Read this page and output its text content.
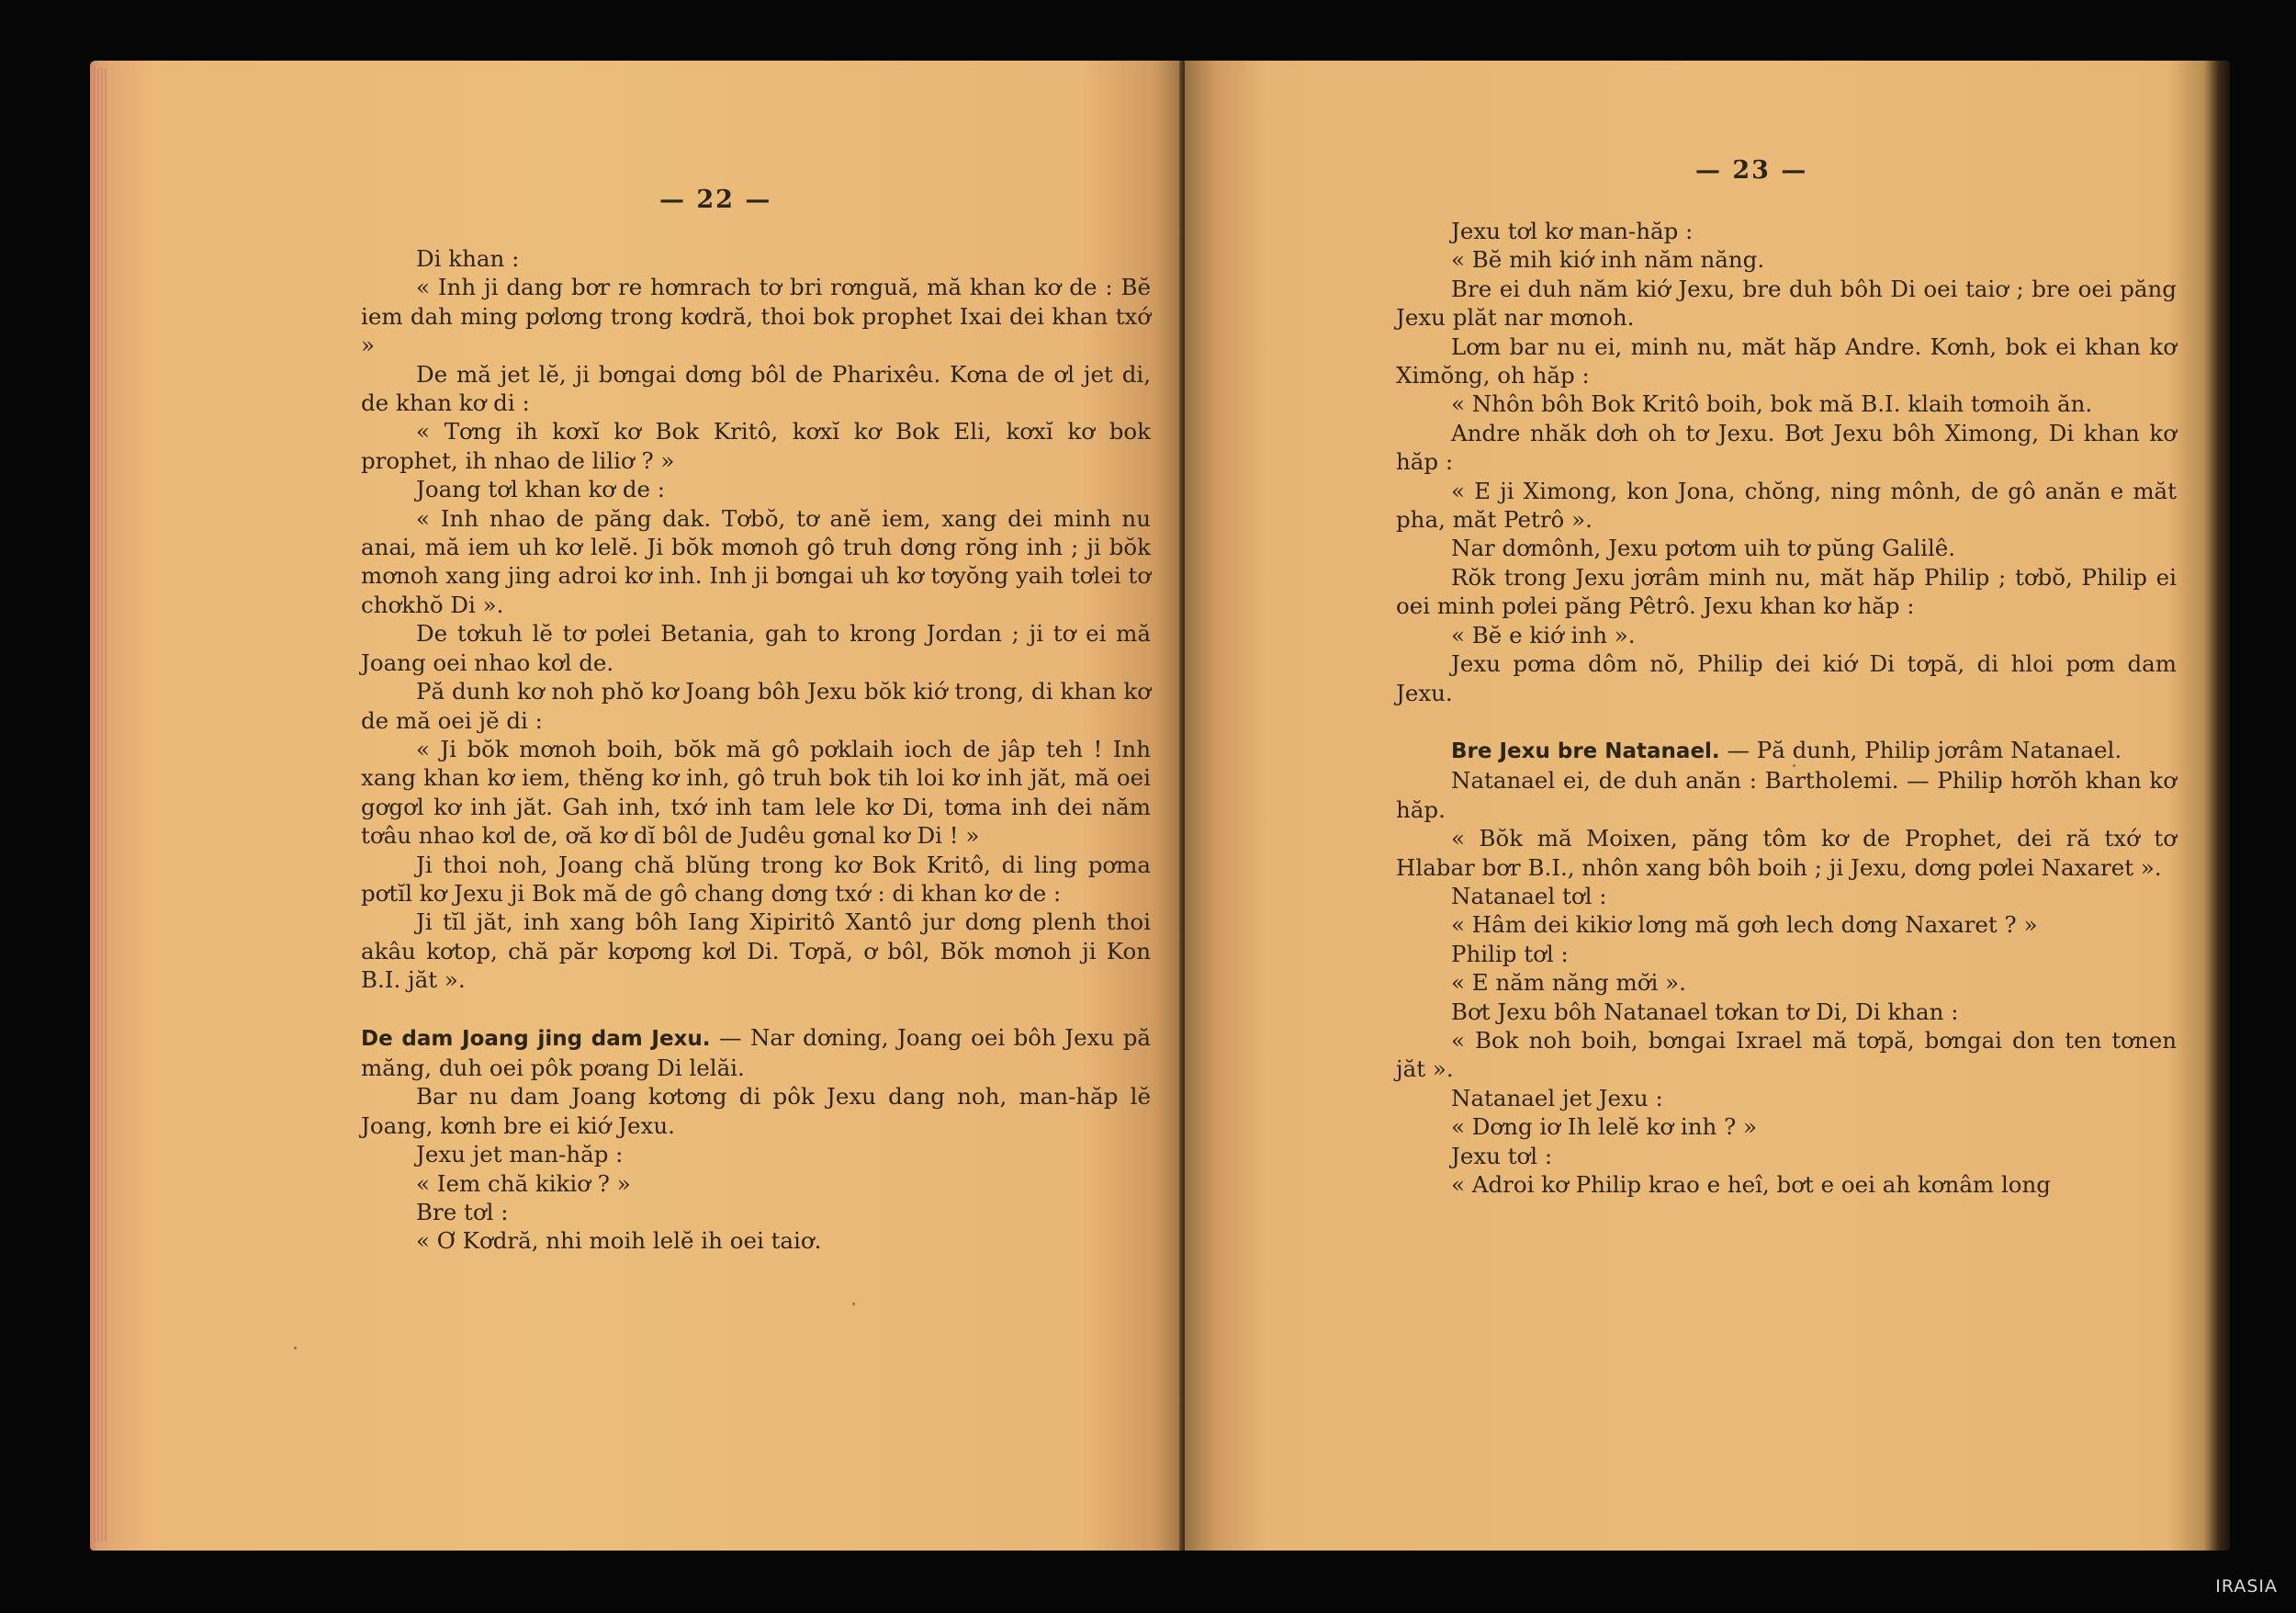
— 22 —

Di khan :

« Inh ji dang bơr re hơmrach tơ bri rơnguă, mă khan kơ de : Bĕ iem dah ming pơlơng trong kơdră, thoi bok prophet Ixai dei khan txớ »

De mă jet lĕ, ji bơngai dơng bôl de Pharixêu. Kơna de ơl jet di, de khan kơ di :

« Tơng ih kơxĭ kơ Bok Kritô, kơxĭ kơ Bok Eli, kơxĭ kơ bok prophet, ih nhao de liliơ ? »

Joang tơl khan kơ de :

« Inh nhao de păng dak. Tơbŏ, tơ anĕ iem, xang dei minh nu anai, mă iem uh kơ lelĕ. Ji bŏk mơnoh gô truh dơng rŏng inh ; ji bŏk mơnoh xang jing adroi kơ inh. Inh ji bơngai uh kơ tơyŏng yaih tơlei tơ chơkhŏ Di ».

De tơkuh lĕ tơ pơlei Betania, gah to krong Jordan ; ji tơ ei mă Joang oei nhao kơl de.

Pă dunh kơ noh phŏ kơ Joang bôh Jexu bŏk kiớ trong, di khan kơ de mă oei jĕ di :

« Ji bŏk mơnoh boih, bŏk mă gô pơklaih ioch de jâp teh ! Inh xang khan kơ iem, thĕng kơ inh, gô truh bok tih loi kơ inh jăt, mă oei gơgơl kơ inh jăt. Gah inh, txớ inh tam lele kơ Di, tơma inh dei năm tơâu nhao kơl de, ơă kơ dĭ bôl de Judêu gơnal kơ Di ! »

Ji thoi noh, Joang chă blŭng trong kơ Bok Kritô, di ling pơma pơtĭl kơ Jexu ji Bok mă de gô chang dơng txớ : di khan kơ de :

Ji tĭl jăt, inh xang bôh Iang Xipiritô Xantô jur dơng plenh thoi akâu kơtop, chă păr kơpơng kơl Di. Tơpă, ơ bôl, Bŏk mơnoh ji Kon B.I. jăt ».

De dam Joang jing dam Jexu. — Nar dơning, Joang oei bôh Jexu pă măng, duh oei pôk pơang Di lelăi.

Bar nu dam Joang kơtơng di pôk Jexu dang noh, man-hăp lĕ Joang, kơnh bre ei kiớ Jexu.

Jexu jet man-hăp :

« Iem chă kikiơ ? »

Bre tơl :

« Ơ Kơdră, nhi moih lelĕ ih oei taiơ.

— 23 —

Jexu tơl kơ man-hăp :

« Bĕ mih kiớ inh năm năng.

Bre ei duh năm kiớ Jexu, bre duh bôh Di oei taiơ ; bre oei păng Jexu plăt nar mơnoh.

Lơm bar nu ei, minh nu, măt hăp Andre. Kơnh, bok ei khan kơ Ximŏng, oh hăp :

« Nhôn bôh Bok Kritô boih, bok mă B.I. klaih tơmoih ăn.

Andre nhăk dơh oh tơ Jexu. Bơt Jexu bôh Ximong, Di khan kơ hăp :

« E ji Ximong, kon Jona, chŏng, ning mônh, de gô anăn e măt pha, măt Petrô ».

Nar dơmônh, Jexu pơtơm uih tơ pŭng Galilê.

Rŏk trong Jexu jơrâm minh nu, măt hăp Philip ; tơbŏ, Philip ei oei minh pơlei păng Pêtrô. Jexu khan kơ hăp :

« Bĕ e kiớ inh ».

Jexu pơma dôm nŏ, Philip dei kiớ Di tơpă, di hloi pơm dam Jexu.

Bre Jexu bre Natanael. — Pă dunh, Philip jơrâm Natanael.

Natanael ei, de duh anăn : Bartholemi. — Philip hơrŏh khan kơ hăp.

« Bŏk mă Moixen, păng tôm kơ de Prophet, dei ră txớ tơ Hlabar bơr B.I., nhôn xang bôh boih ; ji Jexu, dơng pơlei Naxaret ».

Natanael tơl :

« Hâm dei kikiơ lơng mă gơh lech dơng Naxaret ? »

Philip tơl :

« E năm năng mơ̆i ».

Bơt Jexu bôh Natanael tơkan tơ Di, Di khan :

« Bok noh boih, bơngai Ixrael mă tơpă, bơngai don ten tơnen jăt ».

Natanael jet Jexu :

« Dơng iơ Ih lelĕ kơ inh ? »

Jexu tơl :

« Adroi kơ Philip krao e heî, bơt e oei ah kơnâm long

IRASIA
